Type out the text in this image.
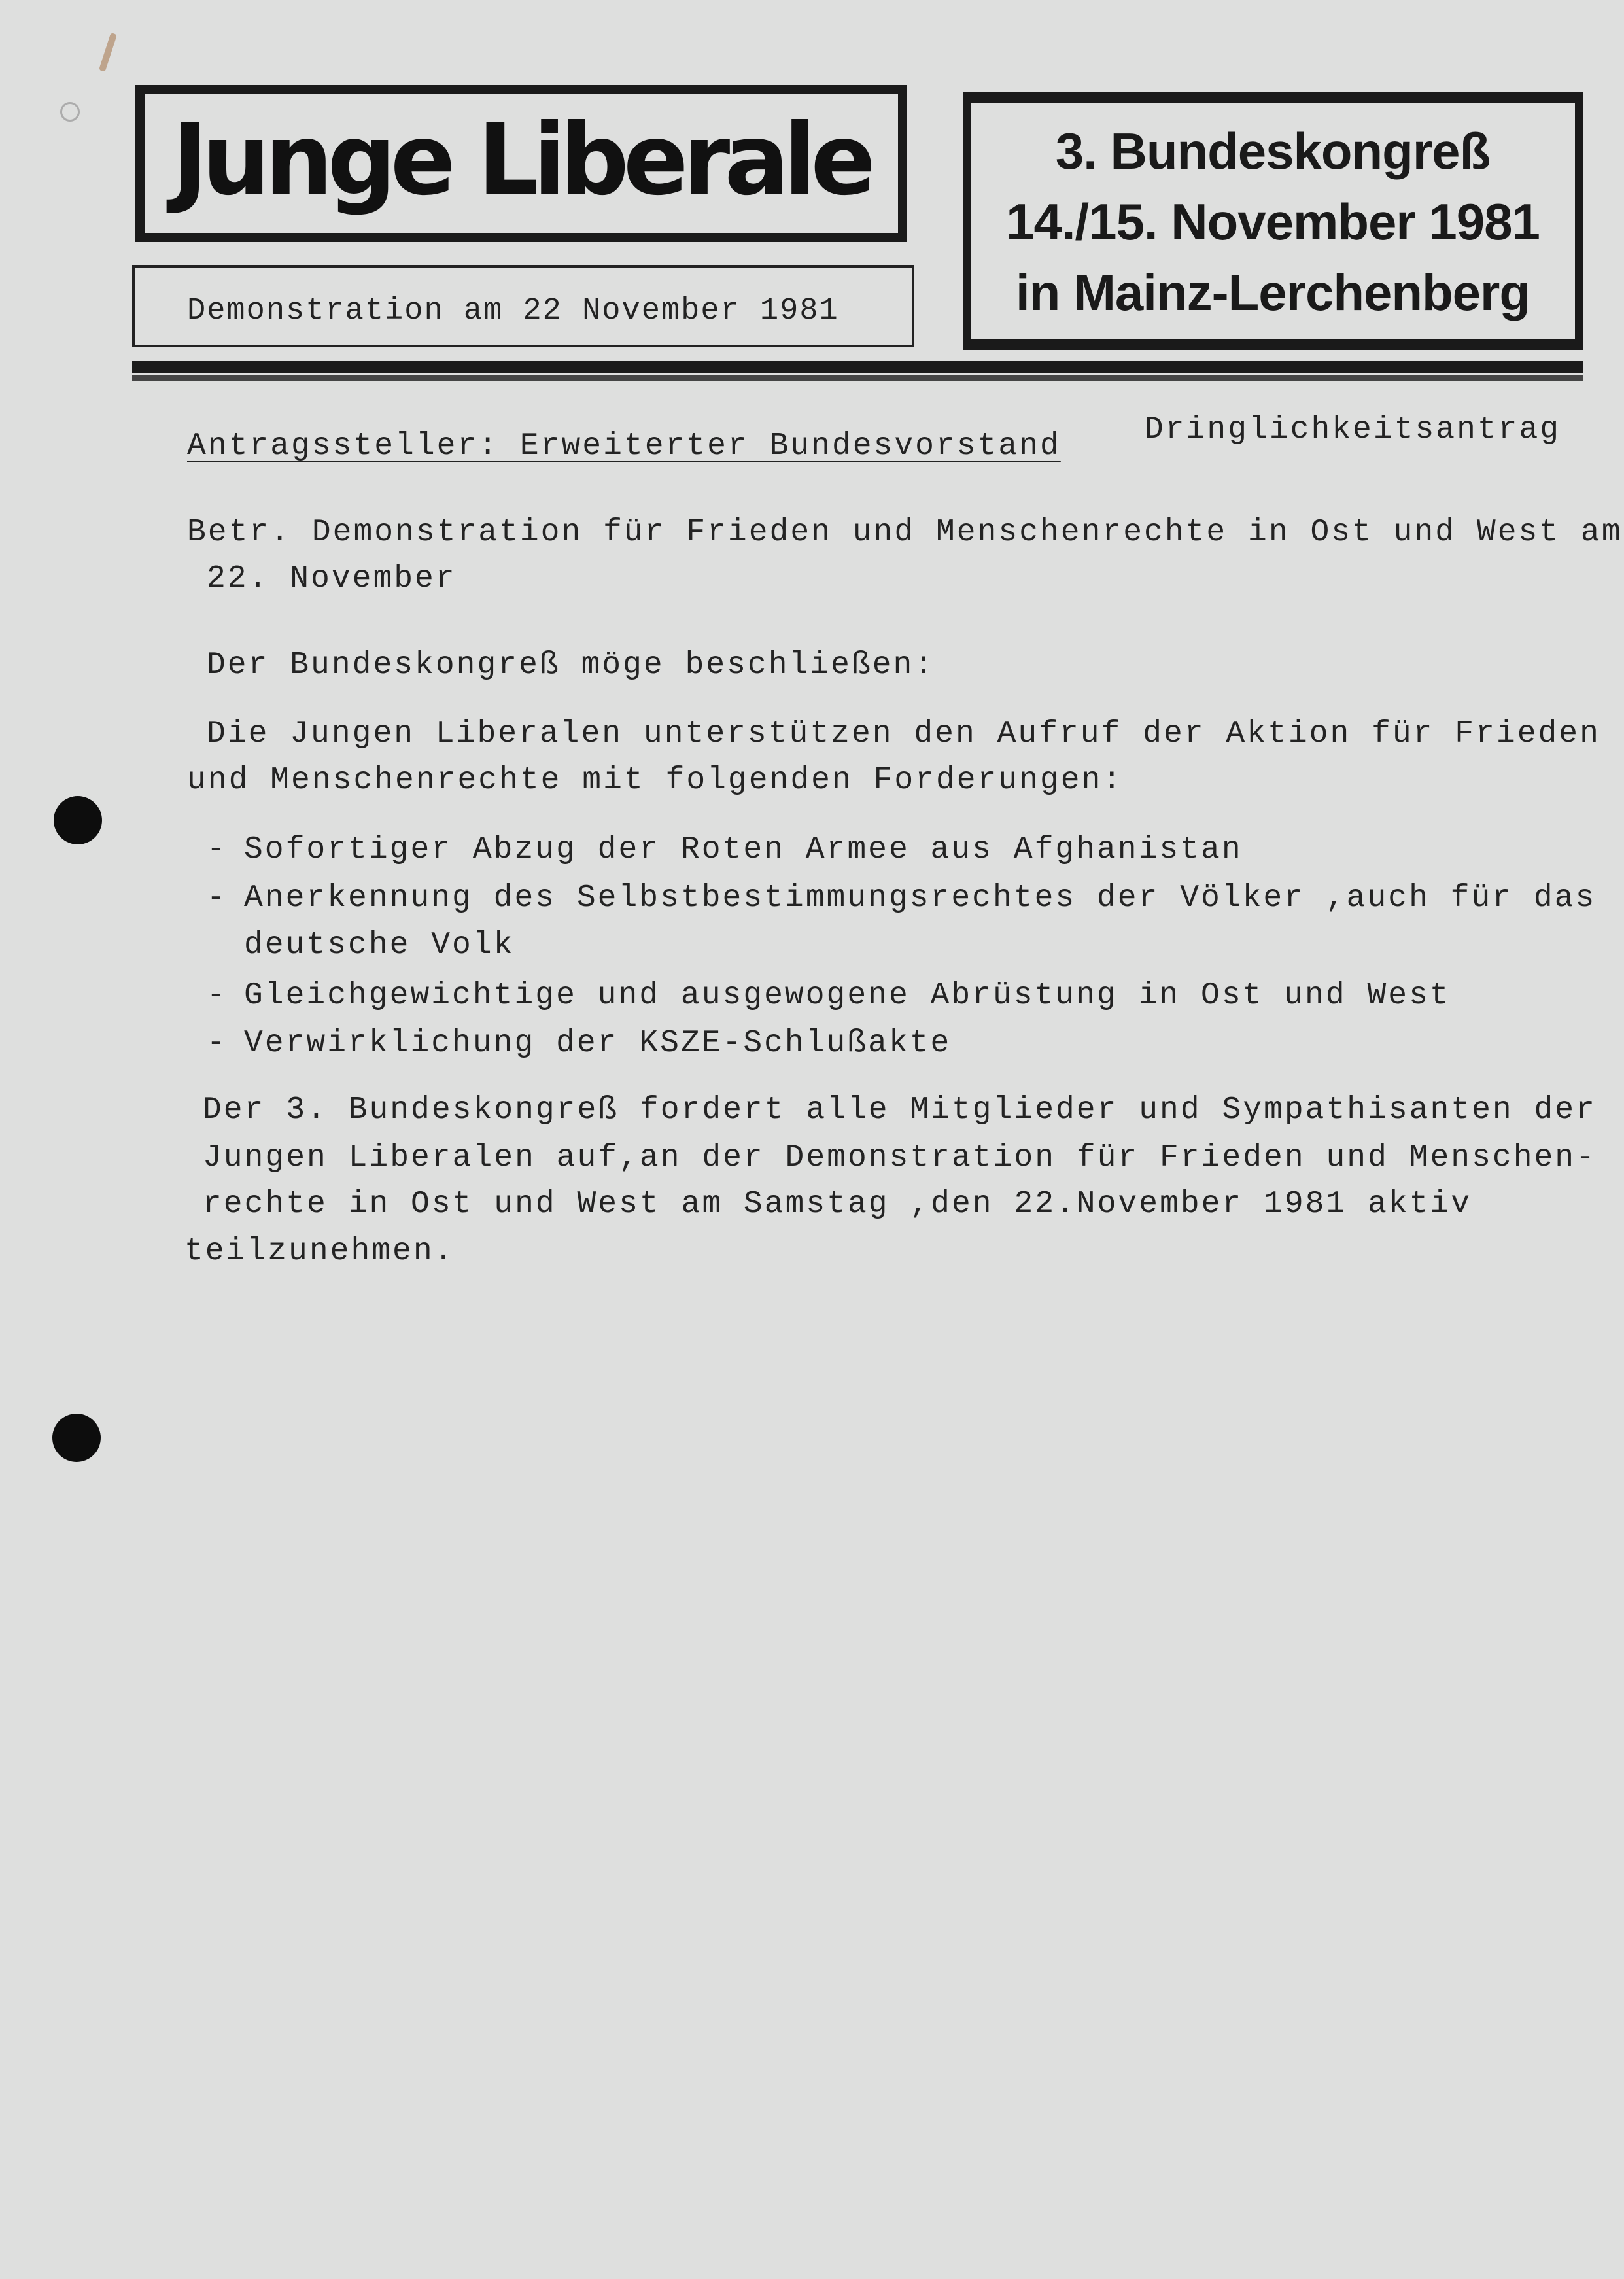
Junge Liberale
Demonstration am 22 November 1981
3. Bundeskongreß
14./15. November 1981
in Mainz-Lerchenberg
Antragssteller: Erweiterter Bundesvorstand	Dringlichkeitsantrag
Betr. Demonstration für Frieden und Menschenrechte in Ost und West am
22. November
Der Bundeskongreß möge beschließen:
Die Jungen Liberalen unterstützen den Aufruf der Aktion für Frieden
und Menschenrechte mit folgenden Forderungen:
- Sofortiger Abzug der Roten Armee aus Afghanistan
- Anerkennung des Selbstbestimmungsrechtes der Völker ,auch für das
deutsche Volk
- Gleichgewichtige und ausgewogene Abrüstung in Ost und West
- Verwirklichung der KSZE-Schlußakte
Der 3. Bundeskongreß fordert alle Mitglieder und Sympathisanten der
Jungen Liberalen auf,an der Demonstration für Frieden und Menschen-
rechte in Ost und West am Samstag ,den 22.November 1981 aktiv
teilzunehmen.
